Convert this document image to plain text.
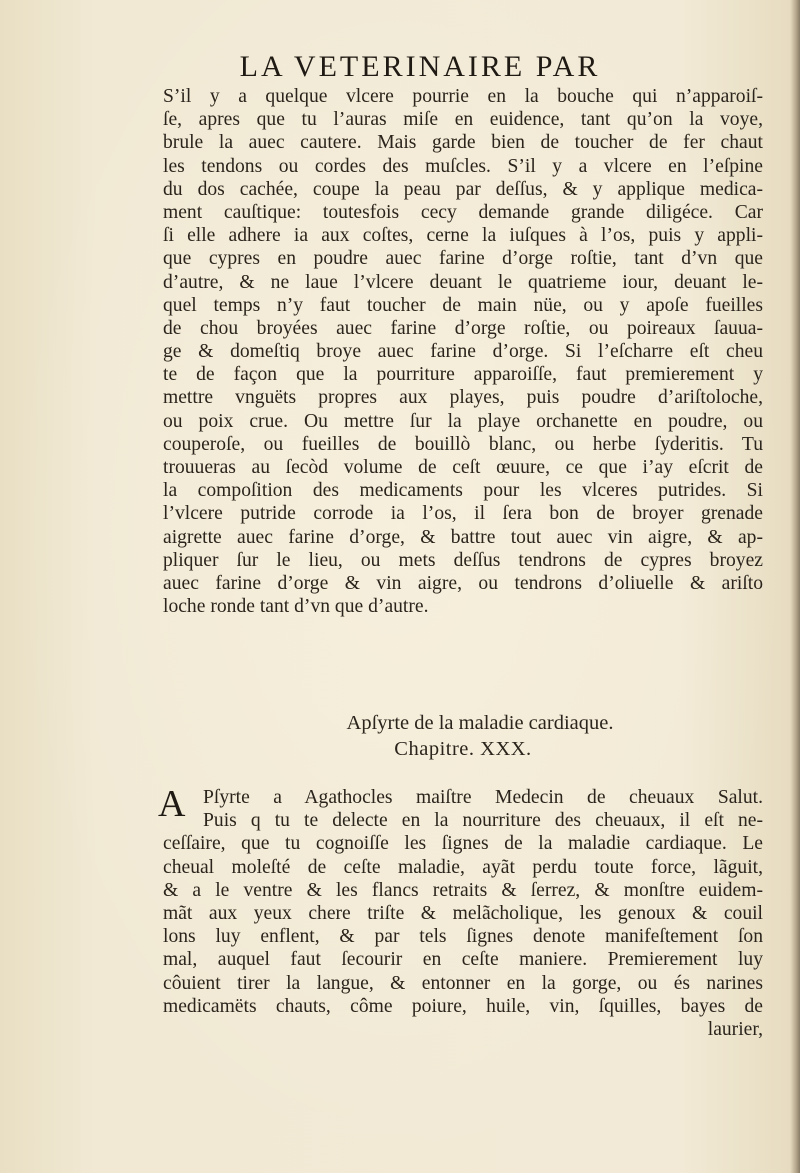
LA VETERINAIRE PAR
S’il y a quelque vlcere pourrie en la bouche qui n’apparoiſ-
ſe, apres que tu l’auras miſe en euidence, tant qu’on la voye,
brule la auec cautere. Mais garde bien de toucher de fer chaut
les tendons ou cordes des muſcles. S’il y a vlcere en l’eſpine
du dos cachée, coupe la peau par deſſus, & y applique medica-
ment cauſtique: toutesfois cecy demande grande diligéce. Car
ſi elle adhere ia aux coſtes, cerne la iuſques à l’os, puis y appli-
que cypres en poudre auec farine d’orge roſtie, tant d’vn que
d’autre, & ne laue l’vlcere deuant le quatrieme iour, deuant le-
quel temps n’y faut toucher de main nüe, ou y apoſe fueilles
de chou broyées auec farine d’orge roſtie, ou poireaux ſauua-
ge & domeſtiq broye auec farine d’orge. Si l’eſcharre eſt cheu
te de façon que la pourriture apparoiſſe, faut premierement y
mettre vnguëts propres aux playes, puis poudre d’ariſtoloche,
ou poix crue. Ou mettre ſur la playe orchanette en poudre, ou
couperoſe, ou fueilles de bouillò blanc, ou herbe ſyderitis. Tu
trouueras au ſecòd volume de ceſt œuure, ce que i’ay eſcrit de
la compoſition des medicaments pour les vlceres putrides. Si
l’vlcere putride corrode ia l’os, il ſera bon de broyer grenade
aigrette auec farine d’orge, & battre tout auec vin aigre, & ap-
pliquer ſur le lieu, ou mets deſſus tendrons de cypres broyez
auec farine d’orge & vin aigre, ou tendrons d’oliuelle & ariſto
loche ronde tant d’vn que d’autre.
Apſyrte de la maladie cardiaque.
Chapitre. XXX.
A Pſyrte a Agathocles maiſtre Medecin de cheuaux Salut.
Puis q tu te delecte en la nourriture des cheuaux, il eſt ne-
ceſſaire, que tu cognoiſſe les ſignes de la maladie cardiaque. Le
cheual moleſté de ceſte maladie, ayãt perdu toute force, lãguit,
& a le ventre & les flancs retraits & ſerrez, & monſtre euidem-
mãt aux yeux chere triſte & melãcholique, les genoux & couil
lons luy enflent, & par tels ſignes denote manifeſtement ſon
mal, auquel faut ſecourir en ceſte maniere. Premierement luy
côuient tirer la langue, & entonner en la gorge, ou és narines
medicamëts chauts, côme poiure, huile, vin, ſquilles, bayes de
laurier,
